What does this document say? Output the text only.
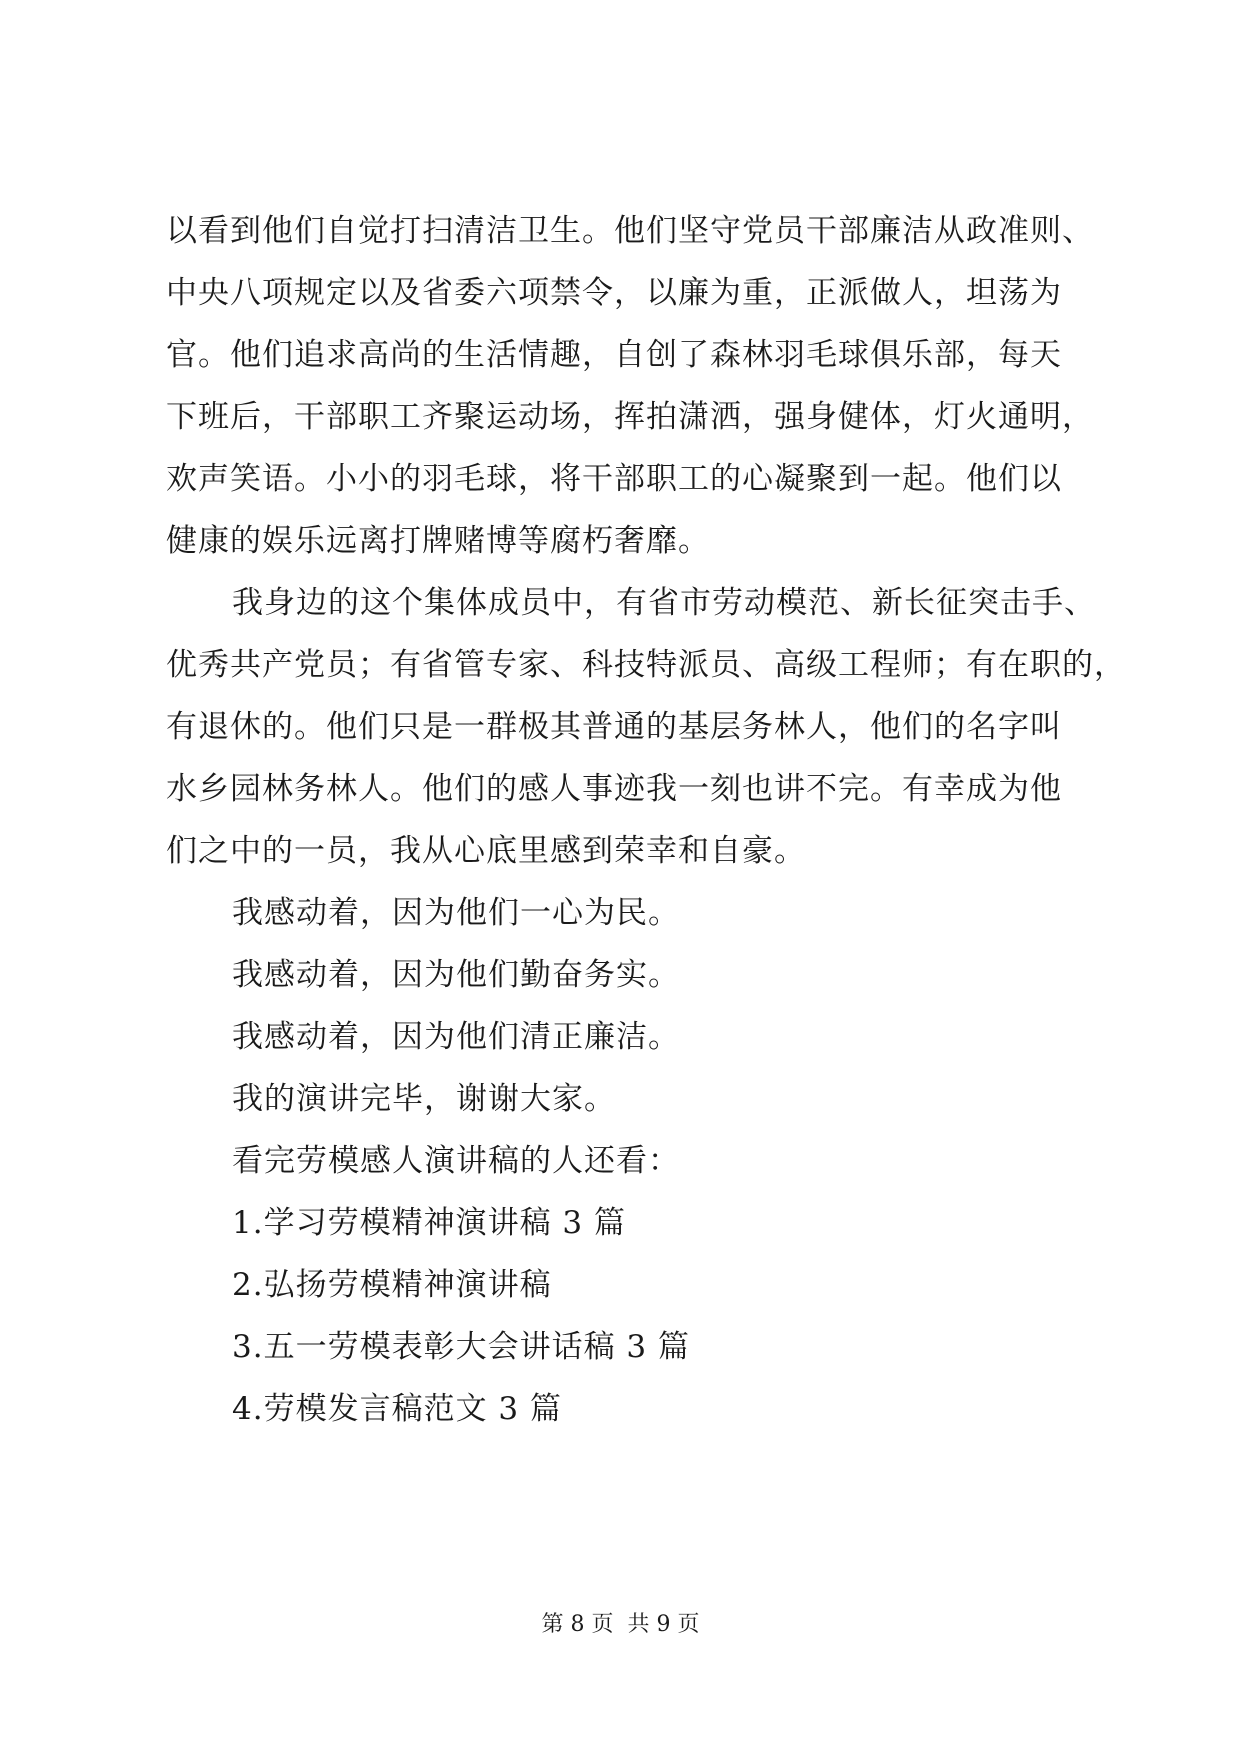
以看到他们自觉打扫清洁卫生。他们坚守党员干部廉洁从政准则、
中央八项规定以及省委六项禁令，以廉为重，正派做人，坦荡为
官。他们追求高尚的生活情趣，自创了森林羽毛球俱乐部，每天
下班后，干部职工齐聚运动场，挥拍潇洒，强身健体，灯火通明，
欢声笑语。小小的羽毛球，将干部职工的心凝聚到一起。他们以
健康的娱乐远离打牌赌博等腐朽奢靡。
我身边的这个集体成员中，有省市劳动模范、新长征突击手、
优秀共产党员；有省管专家、科技特派员、高级工程师；有在职的，
有退休的。他们只是一群极其普通的基层务林人，他们的名字叫
水乡园林务林人。他们的感人事迹我一刻也讲不完。有幸成为他
们之中的一员，我从心底里感到荣幸和自豪。
我感动着，因为他们一心为民。
我感动着，因为他们勤奋务实。
我感动着，因为他们清正廉洁。
我的演讲完毕，谢谢大家。
看完劳模感人演讲稿的人还看：
1.学习劳模精神演讲稿 3 篇
2.弘扬劳模精神演讲稿
3.五一劳模表彰大会讲话稿 3 篇
4.劳模发言稿范文 3 篇
第 8 页 共 9 页
